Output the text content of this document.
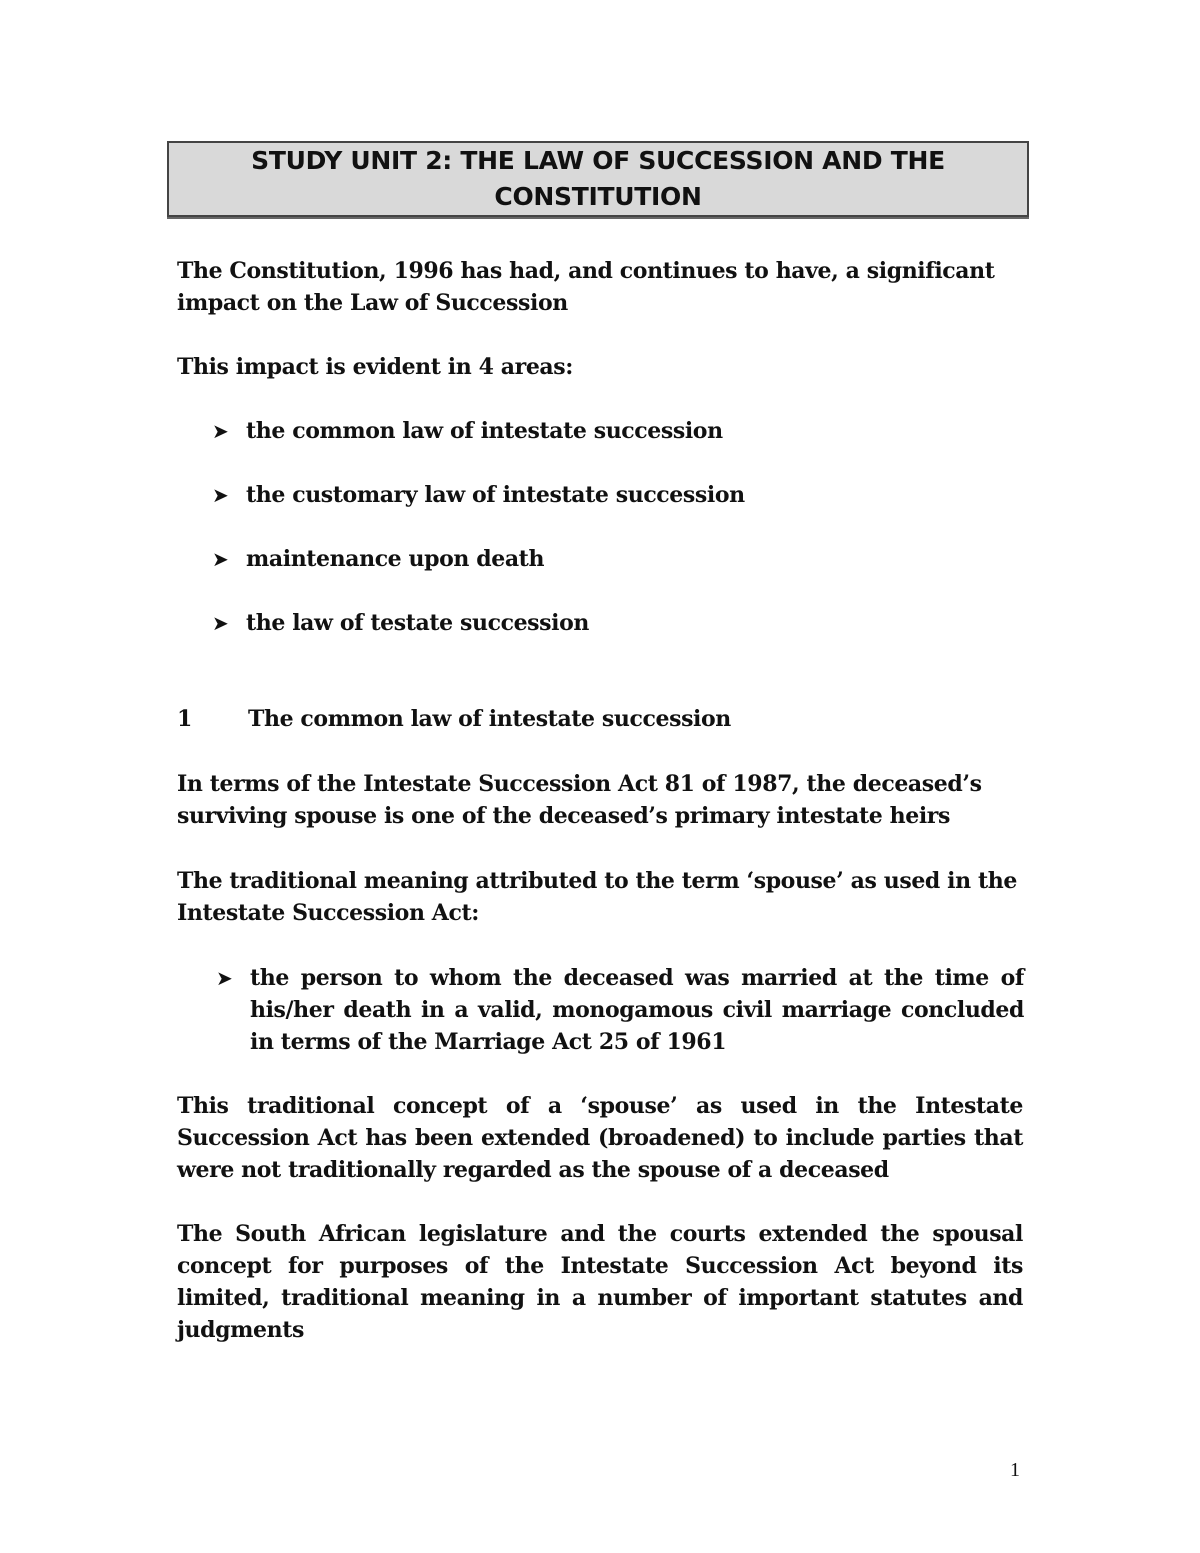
STUDY UNIT 2: THE LAW OF SUCCESSION AND THE CONSTITUTION

The Constitution, 1996 has had, and continues to have, a significant impact on the Law of Succession

This impact is evident in 4 areas:

➤ the common law of intestate succession
➤ the customary law of intestate succession
➤ maintenance upon death
➤ the law of testate succession
1	The common law of intestate succession

In terms of the Intestate Succession Act 81 of 1987, the deceased’s surviving spouse is one of the deceased’s primary intestate heirs

The traditional meaning attributed to the term ‘spouse’ as used in the Intestate Succession Act:

➤ the person to whom the deceased was married at the time of his/her death in a valid, monogamous civil marriage concluded in terms of the Marriage Act 25 of 1961

This traditional concept of a ‘spouse’ as used in the Intestate Succession Act has been extended (broadened) to include parties that were not traditionally regarded as the spouse of a deceased

The South African legislature and the courts extended the spousal concept for purposes of the Intestate Succession Act beyond its limited, traditional meaning in a number of important statutes and judgments

1
